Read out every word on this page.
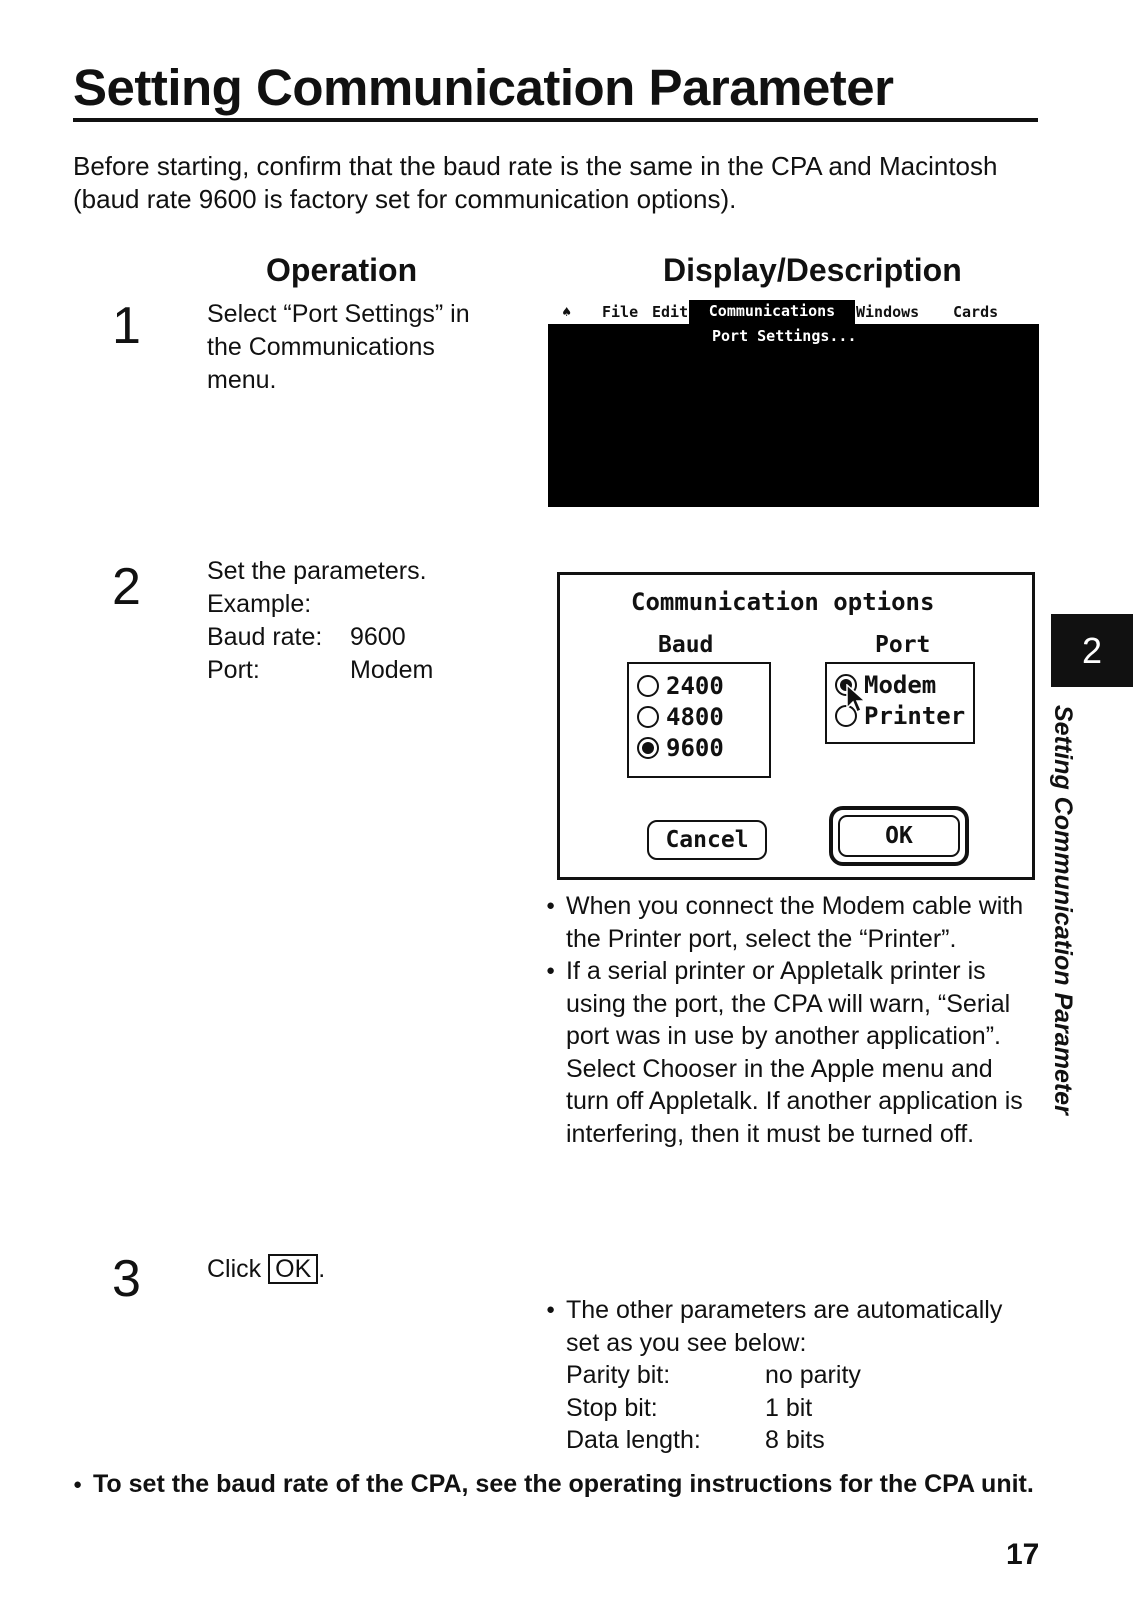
Setting Communication Parameter
Before starting, confirm that the baud rate is the same in the CPA and Macintosh (baud rate 9600 is factory set for communication options).
Operation	Display/Description
1	Select “Port Settings” in the Communications menu.
♠ File Edit	Communications	Windows Cards
Port Settings...
2	Set the parameters.
Example:
Baud rate:	9600
Port:	Modem
Communication options
Baud
2400
4800
9600
Port
Modem
Printer
Cancel	OK
● When you connect the Modem cable with the Printer port, select the “Printer”.
● If a serial printer or Appletalk printer is using the port, the CPA will warn, “Serial port was in use by another application”. Select Chooser in the Apple menu and turn off Appletalk. If another application is interfering, then it must be turned off.
3	Click OK .
● The other parameters are automatically set as you see below:
Parity bit:	no parity
Stop bit:	1 bit
Data length:	8 bits
● To set the baud rate of the CPA, see the operating instructions for the CPA unit.
2
Setting Communication Parameter
17
